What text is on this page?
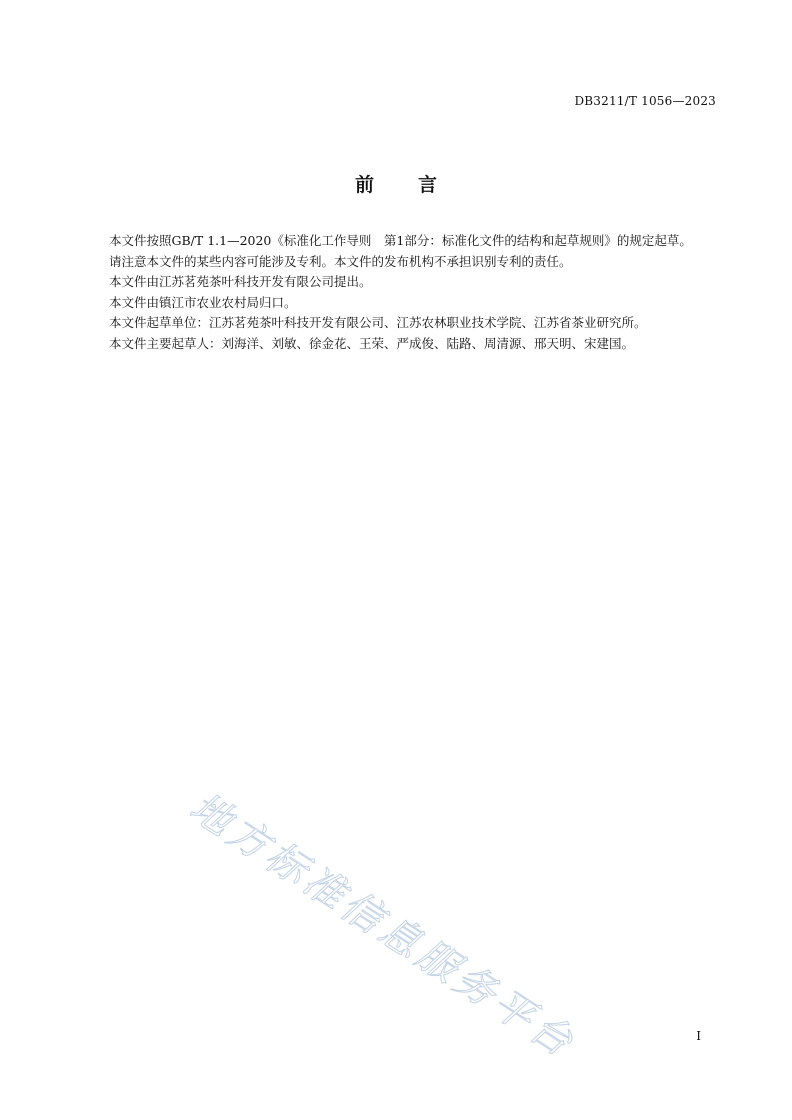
DB3211/T 1056—2023
前言

本文件按照GB/T 1.1—2020《标准化工作导则　第1部分：标准化文件的结构和起草规则》的规定起草。

请注意本文件的某些内容可能涉及专利。本文件的发布机构不承担识别专利的责任。

本文件由江苏茗苑茶叶科技开发有限公司提出。

本文件由镇江市农业农村局归口。

本文件起草单位：江苏茗苑茶叶科技开发有限公司、江苏农林职业技术学院、江苏省茶业研究所。

本文件主要起草人：刘海洋、刘敏、徐金花、王荣、严成俊、陆路、周清源、邢天明、宋建国。

地方标准信息服务平台	I
